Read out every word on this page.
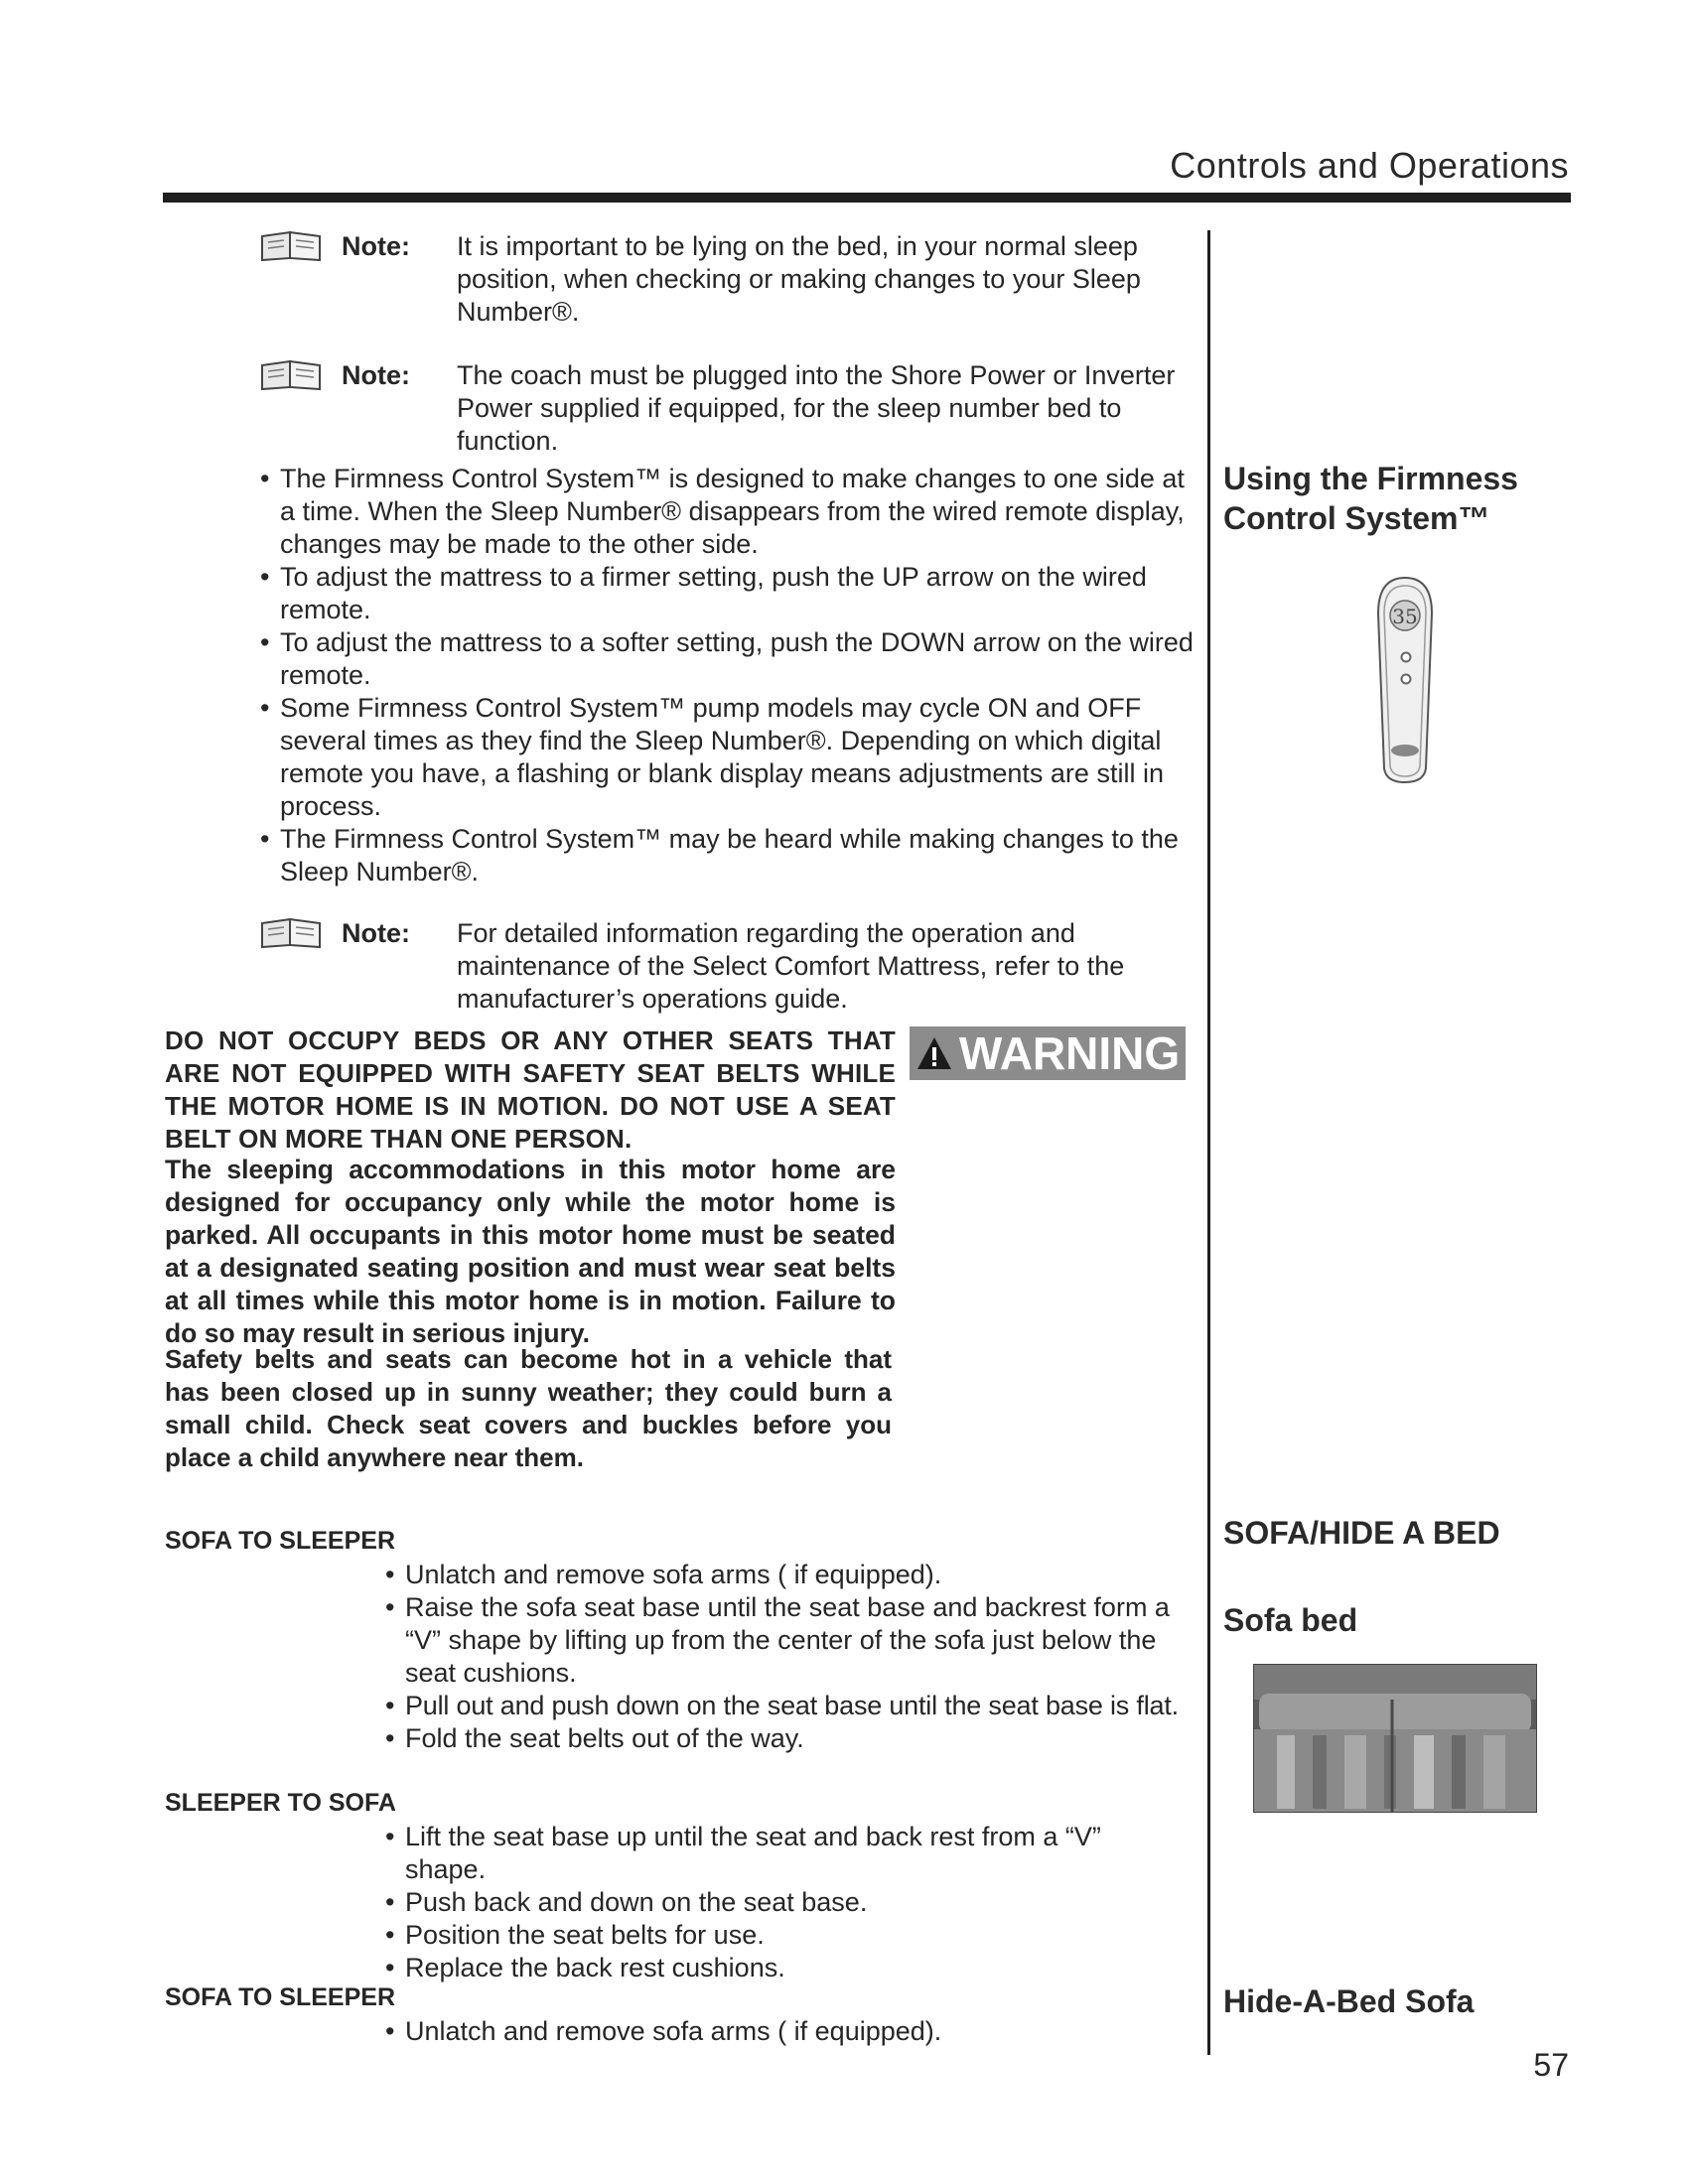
Controls and Operations
Note: It is important to be lying on the bed, in your normal sleep position, when checking or making changes to your Sleep Number®.
Note: The coach must be plugged into the Shore Power or Inverter Power supplied if equipped, for the sleep number bed to function.
• The Firmness Control System™ is designed to make changes to one side at a time. When the Sleep Number® disappears from the wired remote display, changes may be made to the other side.
• To adjust the mattress to a firmer setting, push the UP arrow on the wired remote.
• To adjust the mattress to a softer setting, push the DOWN arrow on the wired remote.
• Some Firmness Control System™ pump models may cycle ON and OFF several times as they find the Sleep Number®. Depending on which digital remote you have, a flashing or blank display means adjustments are still in process.
• The Firmness Control System™ may be heard while making changes to the Sleep Number®.
Note: For detailed information regarding the operation and maintenance of the Select Comfort Mattress, refer to the manufacturer’s operations guide.
DO NOT OCCUPY BEDS OR ANY OTHER SEATS THAT ARE NOT EQUIPPED WITH SAFETY SEAT BELTS WHILE THE MOTOR HOME IS IN MOTION. DO NOT USE A SEAT BELT ON MORE THAN ONE PERSON.
WARNING
The sleeping accommodations in this motor home are designed for occupancy only while the motor home is parked. All occupants in this motor home must be seated at a designated seating position and must wear seat belts at all times while this motor home is in motion. Failure to do so may result in serious injury.
Safety belts and seats can become hot in a vehicle that has been closed up in sunny weather; they could burn a small child. Check seat covers and buckles before you place a child anywhere near them.
SOFA TO SLEEPER
• Unlatch and remove sofa arms ( if equipped).
• Raise the sofa seat base until the seat base and backrest form a “V” shape by lifting up from the center of the sofa just below the seat cushions.
• Pull out and push down on the seat base until the seat base is flat.
• Fold the seat belts out of the way.
SLEEPER TO SOFA
• Lift the seat base up until the seat and back rest from a “V” shape.
• Push back and down on the seat base.
• Position the seat belts for use.
• Replace the back rest cushions.
SOFA TO SLEEPER
• Unlatch and remove sofa arms ( if equipped).
Using the Firmness Control System™
35
SOFA/HIDE A BED
Sofa bed
Hide-A-Bed Sofa
57
